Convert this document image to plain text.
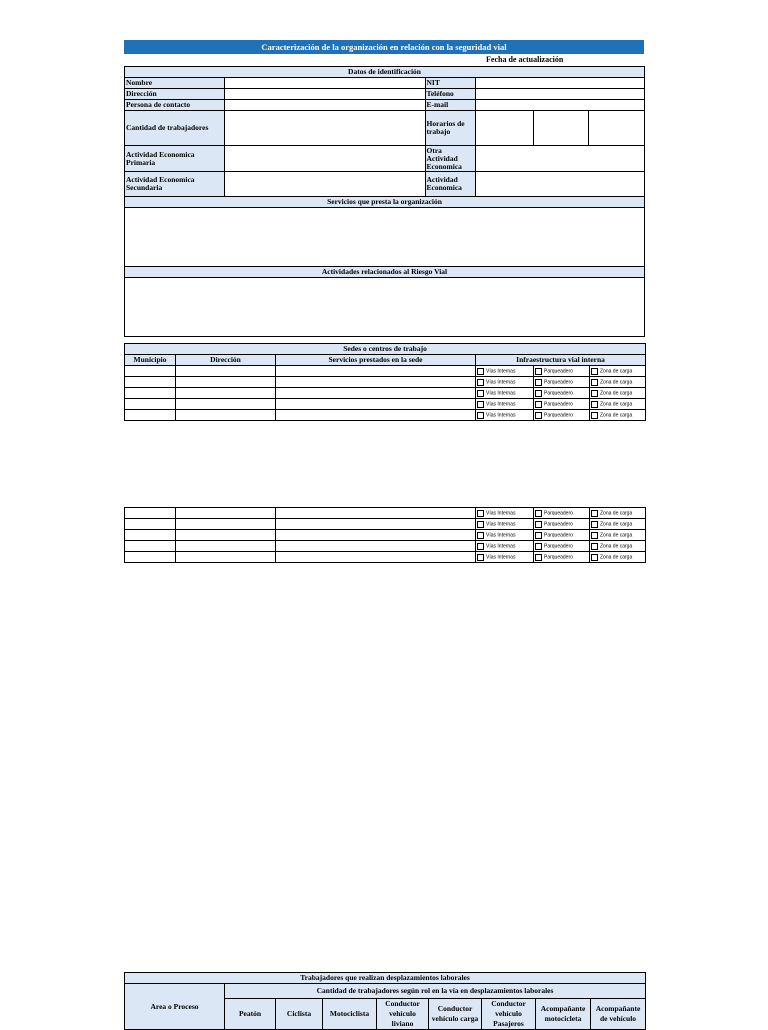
Caracterización de la organización en relación con la seguridad vial
Fecha de actualización
Datos de identificación					
Nombre		NIT			
Dirección		Teléfono			
Persona de contacto		E-mail			
Cantidad de trabajadores		Horarios de trabajo			
Actividad Economica Primaria		Otra Actividad Economica			
Actividad Economica Secundaria		Actividad Economica			
Servicios que presta la organización					

Actividades relacionados al Riesgo Vial					

Sedes o centros de trabajo					
Municipio	Dirección	Servicios prestados en la sede	Infraestructura vial interna		
			Vías Internas	Parqueadero	Zona de carga
			Vías Internas	Parqueadero	Zona de carga
			Vías Internas	Parqueadero	Zona de carga
			Vías Internas	Parqueadero	Zona de carga
			Vías Internas	Parqueadero	Zona de carga
			Vías Internas	Parqueadero	Zona de carga
			Vías Internas	Parqueadero	Zona de carga
			Vías Internas	Parqueadero	Zona de carga
			Vías Internas	Parqueadero	Zona de carga
			Vías Internas	Parqueadero	Zona de carga
Trabajadores que realizan desplazamientos laborales								
Area o Proceso	Cantidad de trabajadores según rol en la vía en desplazamientos laborales							
	Peatón	Ciclista	Motociclista	Conductor vehículo liviano	Conductor vehículo carga	Conductor vehículo Pasajeros	Acompañante motocicleta	Acompañante de vehículo
